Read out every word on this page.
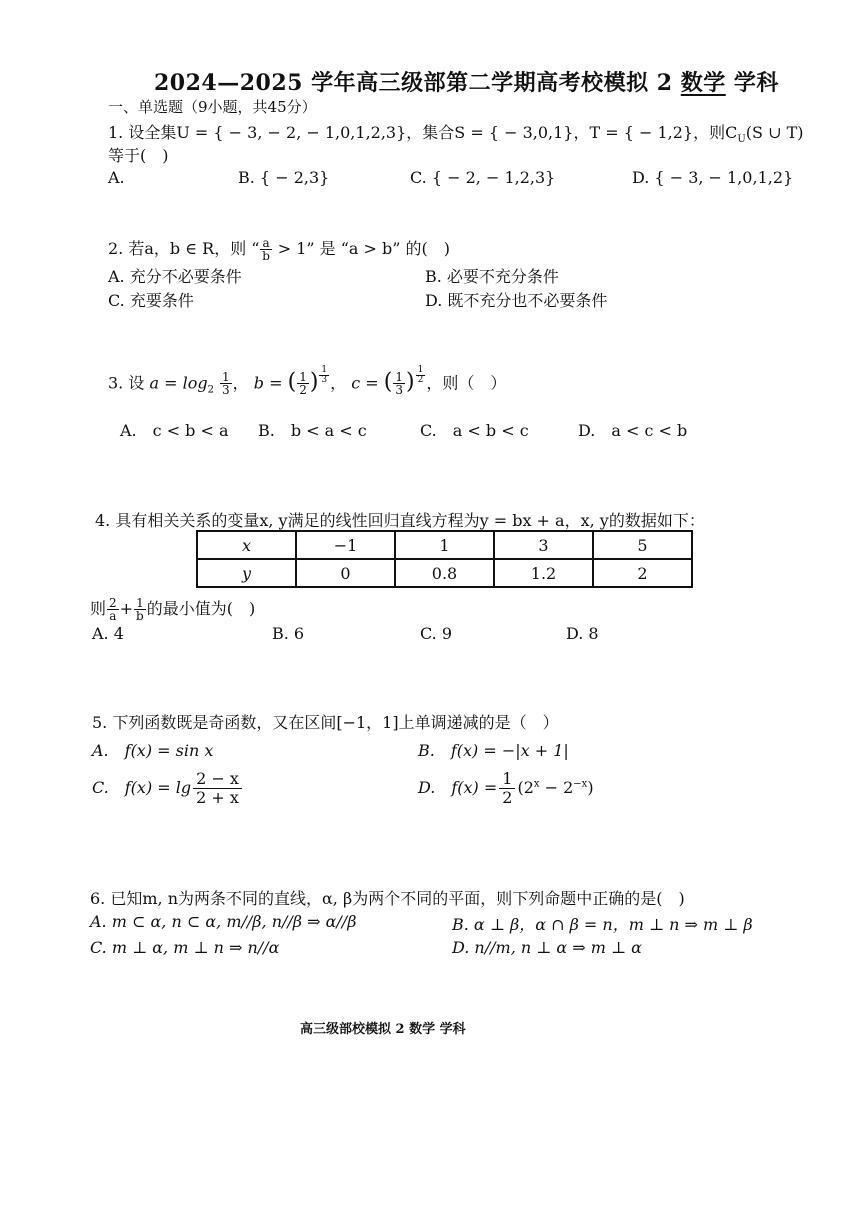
2024—2025 学年高三级部第二学期高考校模拟 2 数学 学科
一、单选题（9小题，共45分）
1. 设全集U = { − 3, − 2, − 1,0,1,2,3}，集合S = { − 3,0,1}，T = { − 1,2}，则$C_U(S$ ∪ T)
等于(　)
A.	B. { − 2,3}	C. { − 2, − 1,2,3}	D. { − 3, − 1,0,1,2}
2. 若a，b ∈ R，则 “ $\frac{a}{b} > 1$” 是 “a > b” 的(　)
A. 充分不必要条件	B. 必要不充分条件
C. 充要条件	D. 既不充分也不必要条件
3. 设 $a = \log_2 \frac{1}{3}$ ， b = ( $\frac{1}{2}$ ) $^{\frac{1}{3}}$ ， c = ( $\frac{1}{3}$ ) $^{\frac{1}{2}}$ ，则（　）
A.　c < b < a B.　b < a < c	C.　a < b < c	D.　a < c < b
4. 具有相关关系的变量x, y满足的线性回归直线方程为y = bx + a，x, y的数据如下：
x	−1	1	3	5
y	0	0.8	1.2	2
则 $\frac{2}{a} + \frac{1}{b}$ 的最小值为(　)
A. 4	B. 6	C. 9	D. 8
5. 下列函数既是奇函数，又在区间[−1，1]上单调递减的是（　）
A.　f(x) = sin x	B.　f(x) = −|x + 1|
C.　$f(x) = \lg \frac{2 - x}{2 + x}$	D.　$f(x) = \frac{1}{2} (2^x - 2^{-x})$
6. 已知m, n为两条不同的直线，α, β为两个不同的平面，则下列命题中正确的是(　)
A. m ⊂ α, n ⊂ α, m//β, n//β ⇒ α//β	B. α ⊥ β，α ∩ β = n，m ⊥ n ⇒ m ⊥ β
C. m ⊥ α, m ⊥ n ⇒ n//α	D. n//m, n ⊥ α ⇒ m ⊥ α
高三级部校模拟 2 数学 学科
